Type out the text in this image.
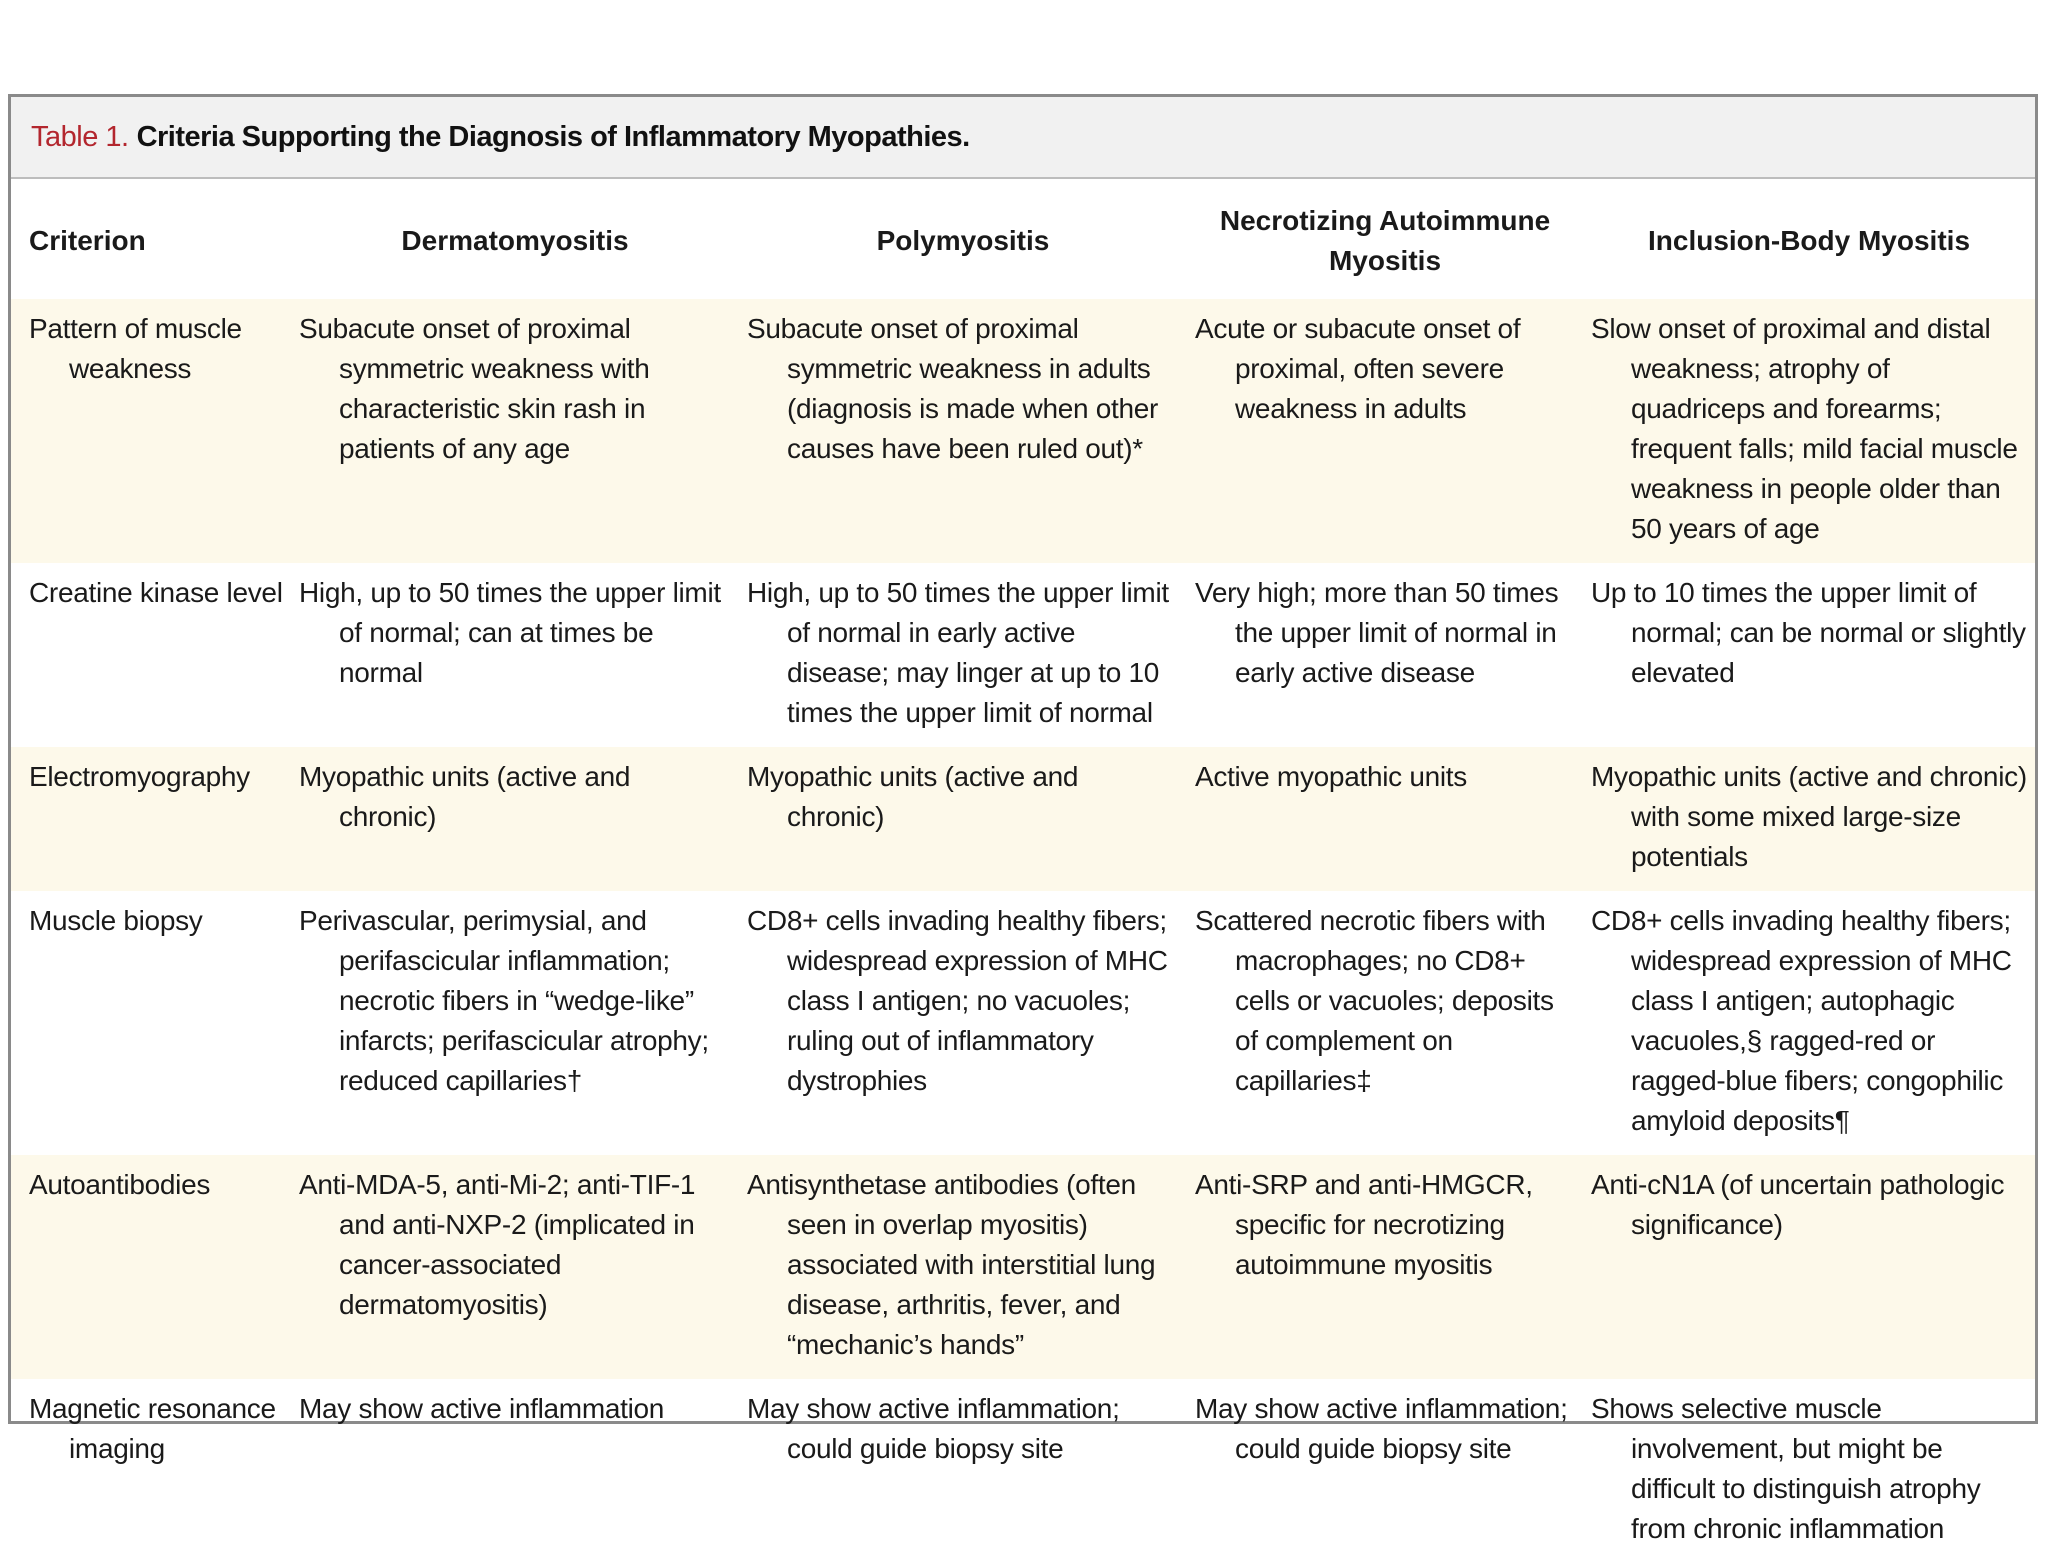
Table 1. Criteria Supporting the Diagnosis of Inflammatory Myopathies.
Criterion	Dermatomyositis	Polymyositis	Necrotizing Autoimmune Myositis	Inclusion-Body Myositis

Pattern of muscle weakness	Subacute onset of proximal symmetric weakness with characteristic skin rash in patients of any age	Subacute onset of proximal symmetric weakness in adults (diagnosis is made when other causes have been ruled out)*	Acute or subacute onset of proximal, often severe weakness in adults	Slow onset of proximal and distal weakness; atrophy of quadriceps and forearms; frequent falls; mild facial muscle weakness in people older than 50 years of age

Creatine kinase level	High, up to 50 times the upper limit of normal; can at times be normal	High, up to 50 times the upper limit of normal in early active disease; may linger at up to 10 times the upper limit of normal	Very high; more than 50 times the upper limit of normal in early active disease	Up to 10 times the upper limit of normal; can be normal or slightly elevated

Electromyography	Myopathic units (active and chronic)	Myopathic units (active and chronic)	Active myopathic units	Myopathic units (active and chronic) with some mixed large-size potentials

Muscle biopsy	Perivascular, perimysial, and perifascicular inflammation; necrotic fibers in “wedge-like” infarcts; perifascicular atrophy; reduced capillaries†	CD8+ cells invading healthy fibers; widespread expression of MHC class I antigen; no vacuoles; ruling out of inflammatory dystrophies	Scattered necrotic fibers with macrophages; no CD8+ cells or vacuoles; deposits of complement on capillaries‡	CD8+ cells invading healthy fibers; widespread expression of MHC class I antigen; autophagic vacuoles,§ ragged-red or ragged-blue fibers; congophilic amyloid deposits¶

Autoantibodies	Anti-MDA-5, anti-Mi-2; anti-TIF-1 and anti-NXP-2 (implicated in cancer-associated dermatomyositis)	Antisynthetase antibodies (often seen in overlap myositis) associated with interstitial lung disease, arthritis, fever, and “mechanic’s hands”	Anti-SRP and anti-HMGCR, specific for necrotizing autoimmune myositis	Anti-cN1A (of uncertain pathologic significance)

Magnetic resonance imaging	May show active inflammation	May show active inflammation; could guide biopsy site	May show active inflammation; could guide biopsy site	Shows selective muscle involvement, but might be difficult to distinguish atrophy from chronic inflammation
